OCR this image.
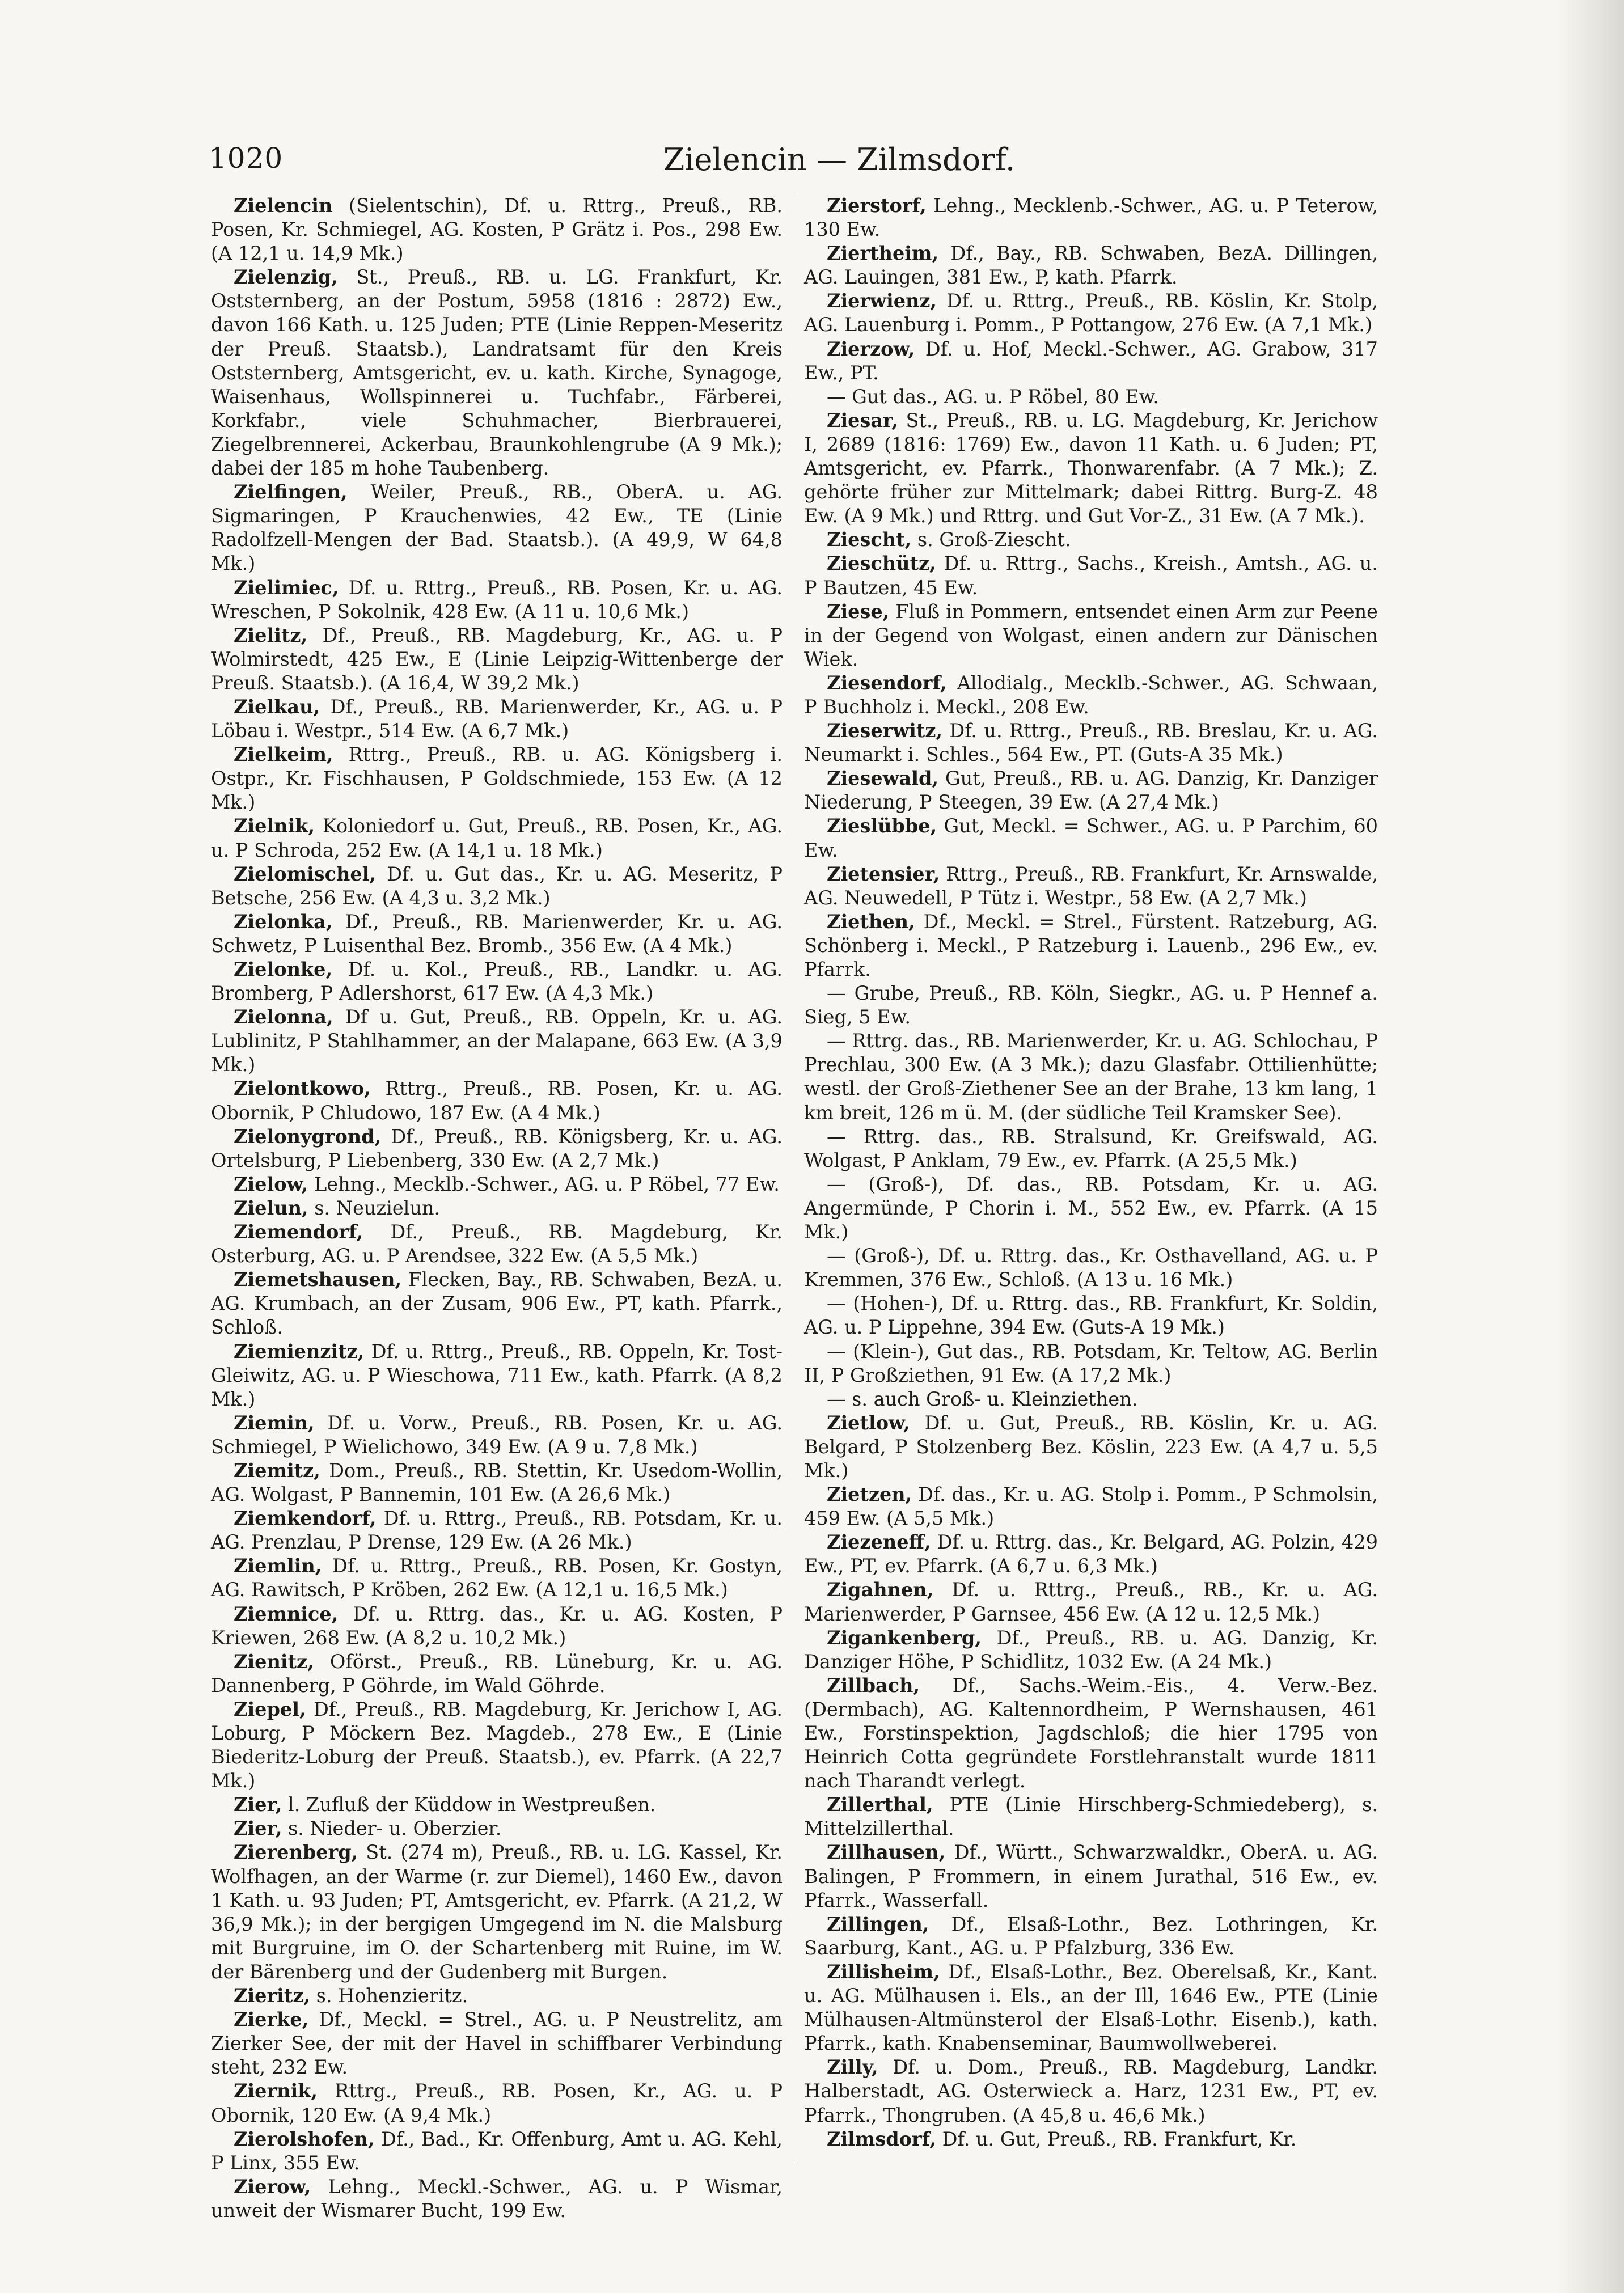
1020	Zielencin — Zilmsdorf.

Zielencin (Sielentschin), Df. u. Rttrg., Preuß., RB. Posen, Kr. Schmiegel, AG. Kosten, P Grätz i. Pos., 298 Ew. (A 12,1 u. 14,9 Mk.)

Zielenzig, St., Preuß., RB. u. LG. Frankfurt, Kr. Oststernberg, an der Postum, 5958 (1816 : 2872) Ew., davon 166 Kath. u. 125 Juden; PTE (Linie Reppen-Meseritz der Preuß. Staatsb.), Landratsamt für den Kreis Oststernberg, Amtsgericht, ev. u. kath. Kirche, Synagoge, Waisenhaus, Wollspinnerei u. Tuchfabr., Färberei, Korkfabr., viele Schuhmacher, Bierbrauerei, Ziegelbrennerei, Ackerbau, Braunkohlengrube (A 9 Mk.); dabei der 185 m hohe Taubenberg.

Zielfingen, Weiler, Preuß., RB., OberA. u. AG. Sigmaringen, P Krauchenwies, 42 Ew., TE (Linie Radolfzell-Mengen der Bad. Staatsb.). (A 49,9, W 64,8 Mk.)

Zielimiec, Df. u. Rttrg., Preuß., RB. Posen, Kr. u. AG. Wreschen, P Sokolnik, 428 Ew. (A 11 u. 10,6 Mk.)

Zielitz, Df., Preuß., RB. Magdeburg, Kr., AG. u. P Wolmirstedt, 425 Ew., E (Linie Leipzig-Wittenberge der Preuß. Staatsb.). (A 16,4, W 39,2 Mk.)

Zielkau, Df., Preuß., RB. Marienwerder, Kr., AG. u. P Löbau i. Westpr., 514 Ew. (A 6,7 Mk.)

Zielkeim, Rttrg., Preuß., RB. u. AG. Königsberg i. Ostpr., Kr. Fischhausen, P Goldschmiede, 153 Ew. (A 12 Mk.)

Zielnik, Koloniedorf u. Gut, Preuß., RB. Posen, Kr., AG. u. P Schroda, 252 Ew. (A 14,1 u. 18 Mk.)

Zielomischel, Df. u. Gut das., Kr. u. AG. Meseritz, P Betsche, 256 Ew. (A 4,3 u. 3,2 Mk.)

Zielonka, Df., Preuß., RB. Marienwerder, Kr. u. AG. Schwetz, P Luisenthal Bez. Bromb., 356 Ew. (A 4 Mk.)

Zielonke, Df. u. Kol., Preuß., RB., Landkr. u. AG. Bromberg, P Adlershorst, 617 Ew. (A 4,3 Mk.)

Zielonna, Df u. Gut, Preuß., RB. Oppeln, Kr. u. AG. Lublinitz, P Stahlhammer, an der Malapane, 663 Ew. (A 3,9 Mk.)

Zielontkowo, Rttrg., Preuß., RB. Posen, Kr. u. AG. Obornik, P Chludowo, 187 Ew. (A 4 Mk.)

Zielonygrond, Df., Preuß., RB. Königsberg, Kr. u. AG. Ortelsburg, P Liebenberg, 330 Ew. (A 2,7 Mk.)

Zielow, Lehng., Mecklb.-Schwer., AG. u. P Röbel, 77 Ew.

Zielun, s. Neuzielun.

Ziemendorf, Df., Preuß., RB. Magdeburg, Kr. Osterburg, AG. u. P Arendsee, 322 Ew. (A 5,5 Mk.)

Ziemetshausen, Flecken, Bay., RB. Schwaben, BezA. u. AG. Krumbach, an der Zusam, 906 Ew., PT, kath. Pfarrk., Schloß.

Ziemienzitz, Df. u. Rttrg., Preuß., RB. Oppeln, Kr. Tost-Gleiwitz, AG. u. P Wieschowa, 711 Ew., kath. Pfarrk. (A 8,2 Mk.)

Ziemin, Df. u. Vorw., Preuß., RB. Posen, Kr. u. AG. Schmiegel, P Wielichowo, 349 Ew. (A 9 u. 7,8 Mk.)

Ziemitz, Dom., Preuß., RB. Stettin, Kr. Usedom-Wollin, AG. Wolgast, P Bannemin, 101 Ew. (A 26,6 Mk.)

Ziemkendorf, Df. u. Rttrg., Preuß., RB. Potsdam, Kr. u. AG. Prenzlau, P Drense, 129 Ew. (A 26 Mk.)

Ziemlin, Df. u. Rttrg., Preuß., RB. Posen, Kr. Gostyn, AG. Rawitsch, P Kröben, 262 Ew. (A 12,1 u. 16,5 Mk.)

Ziemnice, Df. u. Rttrg. das., Kr. u. AG. Kosten, P Kriewen, 268 Ew. (A 8,2 u. 10,2 Mk.)

Zienitz, Oförst., Preuß., RB. Lüneburg, Kr. u. AG. Dannenberg, P Göhrde, im Wald Göhrde.

Ziepel, Df., Preuß., RB. Magdeburg, Kr. Jerichow I, AG. Loburg, P Möckern Bez. Magdeb., 278 Ew., E (Linie Biederitz-Loburg der Preuß. Staatsb.), ev. Pfarrk. (A 22,7 Mk.)

Zier, l. Zufluß der Küddow in Westpreußen.

Zier, s. Nieder- u. Oberzier.

Zierenberg, St. (274 m), Preuß., RB. u. LG. Kassel, Kr. Wolfhagen, an der Warme (r. zur Diemel), 1460 Ew., davon 1 Kath. u. 93 Juden; PT, Amtsgericht, ev. Pfarrk. (A 21,2, W 36,9 Mk.); in der bergigen Umgegend im N. die Malsburg mit Burgruine, im O. der Schartenberg mit Ruine, im W. der Bärenberg und der Gudenberg mit Burgen.

Zieritz, s. Hohenzieritz.

Zierke, Df., Meckl. = Strel., AG. u. P Neustrelitz, am Zierker See, der mit der Havel in schiffbarer Verbindung steht, 232 Ew.

Ziernik, Rttrg., Preuß., RB. Posen, Kr., AG. u. P Obornik, 120 Ew. (A 9,4 Mk.)

Zierolshofen, Df., Bad., Kr. Offenburg, Amt u. AG. Kehl, P Linx, 355 Ew.

Zierow, Lehng., Meckl.-Schwer., AG. u. P Wismar, unweit der Wismarer Bucht, 199 Ew.

Zierstorf, Lehng., Mecklenb.-Schwer., AG. u. P Teterow, 130 Ew.

Ziertheim, Df., Bay., RB. Schwaben, BezA. Dillingen, AG. Lauingen, 381 Ew., P, kath. Pfarrk.

Zierwienz, Df. u. Rttrg., Preuß., RB. Köslin, Kr. Stolp, AG. Lauenburg i. Pomm., P Pottangow, 276 Ew. (A 7,1 Mk.)

Zierzow, Df. u. Hof, Meckl.-Schwer., AG. Grabow, 317 Ew., PT.

— Gut das., AG. u. P Röbel, 80 Ew.

Ziesar, St., Preuß., RB. u. LG. Magdeburg, Kr. Jerichow I, 2689 (1816: 1769) Ew., davon 11 Kath. u. 6 Juden; PT, Amtsgericht, ev. Pfarrk., Thonwarenfabr. (A 7 Mk.); Z. gehörte früher zur Mittelmark; dabei Rittrg. Burg-Z. 48 Ew. (A 9 Mk.) und Rttrg. und Gut Vor-Z., 31 Ew. (A 7 Mk.).

Ziescht, s. Groß-Ziescht.

Zieschütz, Df. u. Rttrg., Sachs., Kreish., Amtsh., AG. u. P Bautzen, 45 Ew.

Ziese, Fluß in Pommern, entsendet einen Arm zur Peene in der Gegend von Wolgast, einen andern zur Dänischen Wiek.

Ziesendorf, Allodialg., Mecklb.-Schwer., AG. Schwaan, P Buchholz i. Meckl., 208 Ew.

Zieserwitz, Df. u. Rttrg., Preuß., RB. Breslau, Kr. u. AG. Neumarkt i. Schles., 564 Ew., PT. (Guts-A 35 Mk.)

Ziesewald, Gut, Preuß., RB. u. AG. Danzig, Kr. Danziger Niederung, P Steegen, 39 Ew. (A 27,4 Mk.)

Zieslübbe, Gut, Meckl. = Schwer., AG. u. P Parchim, 60 Ew.

Zietensier, Rttrg., Preuß., RB. Frankfurt, Kr. Arnswalde, AG. Neuwedell, P Tütz i. Westpr., 58 Ew. (A 2,7 Mk.)

Ziethen, Df., Meckl. = Strel., Fürstent. Ratzeburg, AG. Schönberg i. Meckl., P Ratzeburg i. Lauenb., 296 Ew., ev. Pfarrk.

— Grube, Preuß., RB. Köln, Siegkr., AG. u. P Hennef a. Sieg, 5 Ew.

— Rttrg. das., RB. Marienwerder, Kr. u. AG. Schlochau, P Prechlau, 300 Ew. (A 3 Mk.); dazu Glasfabr. Ottilienhütte; westl. der Groß-Ziethener See an der Brahe, 13 km lang, 1 km breit, 126 m ü. M. (der südliche Teil Kramsker See).

— Rttrg. das., RB. Stralsund, Kr. Greifswald, AG. Wolgast, P Anklam, 79 Ew., ev. Pfarrk. (A 25,5 Mk.)

— (Groß-), Df. das., RB. Potsdam, Kr. u. AG. Angermünde, P Chorin i. M., 552 Ew., ev. Pfarrk. (A 15 Mk.)

— (Groß-), Df. u. Rttrg. das., Kr. Osthavelland, AG. u. P Kremmen, 376 Ew., Schloß. (A 13 u. 16 Mk.)

— (Hohen-), Df. u. Rttrg. das., RB. Frankfurt, Kr. Soldin, AG. u. P Lippehne, 394 Ew. (Guts-A 19 Mk.)

— (Klein-), Gut das., RB. Potsdam, Kr. Teltow, AG. Berlin II, P Großziethen, 91 Ew. (A 17,2 Mk.)

— s. auch Groß- u. Kleinziethen.

Zietlow, Df. u. Gut, Preuß., RB. Köslin, Kr. u. AG. Belgard, P Stolzenberg Bez. Köslin, 223 Ew. (A 4,7 u. 5,5 Mk.)

Zietzen, Df. das., Kr. u. AG. Stolp i. Pomm., P Schmolsin, 459 Ew. (A 5,5 Mk.)

Ziezeneff, Df. u. Rttrg. das., Kr. Belgard, AG. Polzin, 429 Ew., PT, ev. Pfarrk. (A 6,7 u. 6,3 Mk.)

Zigahnen, Df. u. Rttrg., Preuß., RB., Kr. u. AG. Marienwerder, P Garnsee, 456 Ew. (A 12 u. 12,5 Mk.)

Zigankenberg, Df., Preuß., RB. u. AG. Danzig, Kr. Danziger Höhe, P Schidlitz, 1032 Ew. (A 24 Mk.)

Zillbach, Df., Sachs.-Weim.-Eis., 4. Verw.-Bez. (Dermbach), AG. Kaltennordheim, P Wernshausen, 461 Ew., Forstinspektion, Jagdschloß; die hier 1795 von Heinrich Cotta gegründete Forstlehranstalt wurde 1811 nach Tharandt verlegt.

Zillerthal, PTE (Linie Hirschberg-Schmiedeberg), s. Mittelzillerthal.

Zillhausen, Df., Württ., Schwarzwaldkr., OberA. u. AG. Balingen, P Frommern, in einem Jurathal, 516 Ew., ev. Pfarrk., Wasserfall.

Zillingen, Df., Elsaß-Lothr., Bez. Lothringen, Kr. Saarburg, Kant., AG. u. P Pfalzburg, 336 Ew.

Zillisheim, Df., Elsaß-Lothr., Bez. Oberelsaß, Kr., Kant. u. AG. Mülhausen i. Els., an der Ill, 1646 Ew., PTE (Linie Mülhausen-Altmünsterol der Elsaß-Lothr. Eisenb.), kath. Pfarrk., kath. Knabenseminar, Baumwollweberei.

Zilly, Df. u. Dom., Preuß., RB. Magdeburg, Landkr. Halberstadt, AG. Osterwieck a. Harz, 1231 Ew., PT, ev. Pfarrk., Thongruben. (A 45,8 u. 46,6 Mk.)

Zilmsdorf, Df. u. Gut, Preuß., RB. Frankfurt, Kr.
